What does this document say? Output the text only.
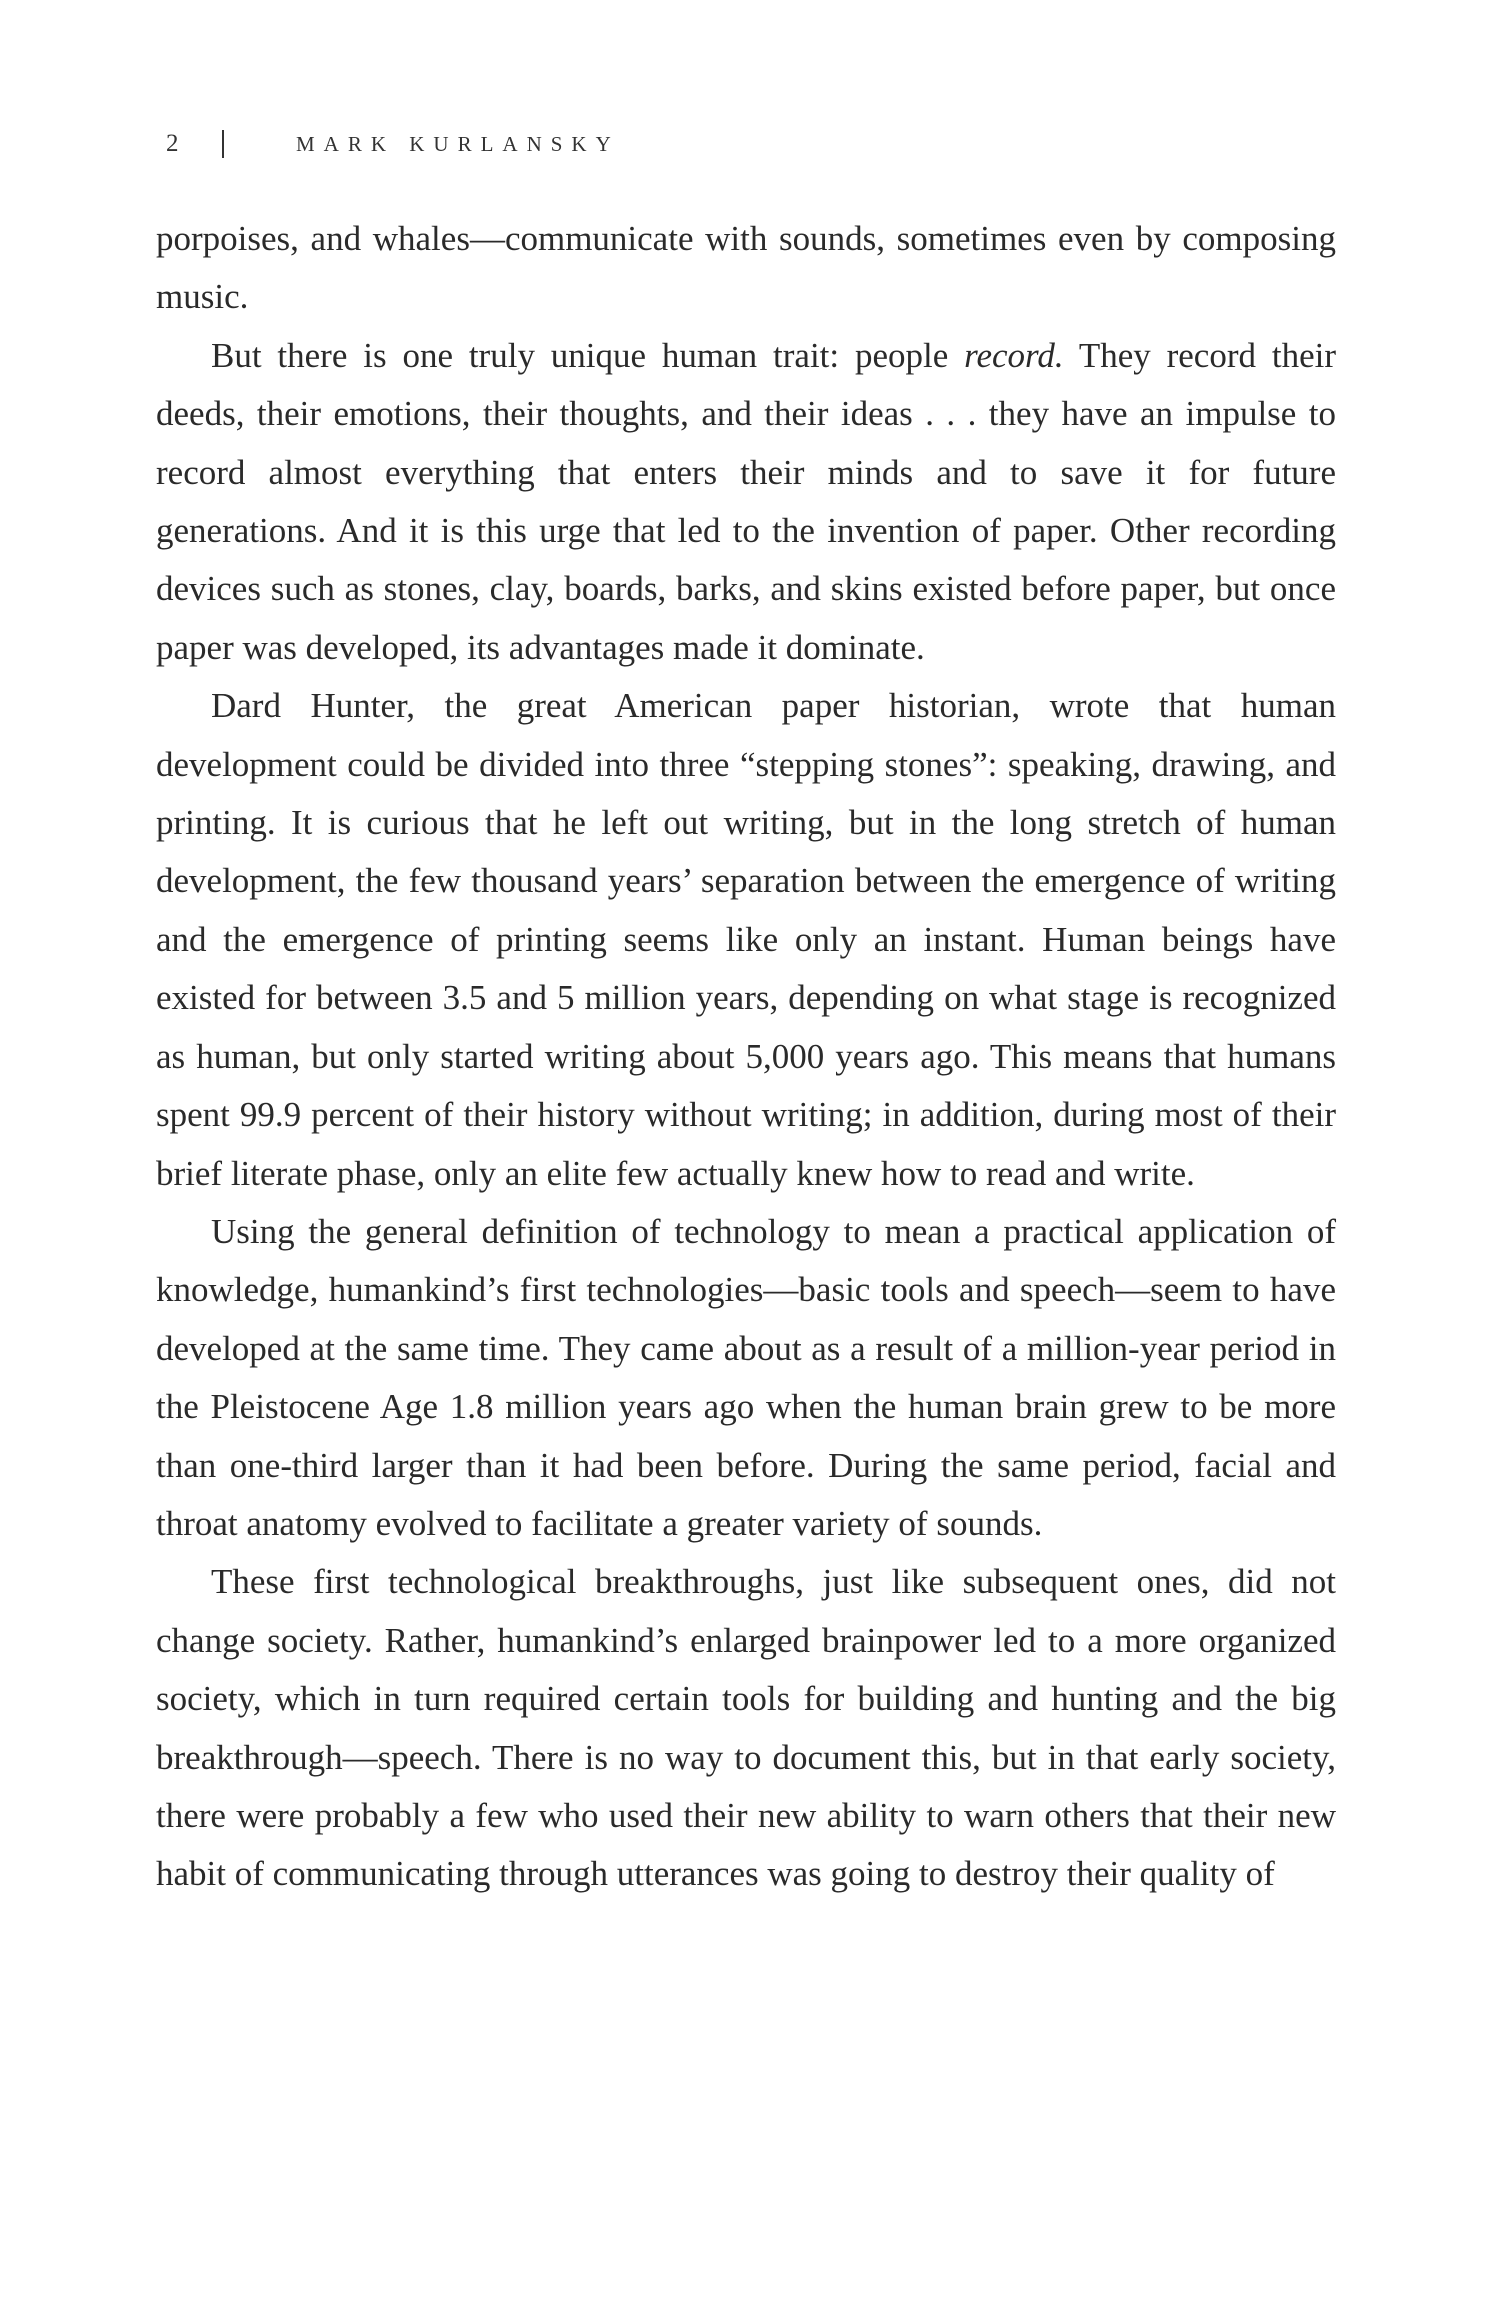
2	MARK KURLANSKY

porpoises, and whales—communicate with sounds, sometimes even by composing music.

But there is one truly unique human trait: people record. They record their deeds, their emotions, their thoughts, and their ideas . . . they have an impulse to record almost everything that enters their minds and to save it for future generations. And it is this urge that led to the invention of paper. Other recording devices such as stones, clay, boards, barks, and skins existed before paper, but once paper was developed, its advantages made it dominate.

Dard Hunter, the great American paper historian, wrote that human development could be divided into three “stepping stones”: speaking, drawing, and printing. It is curious that he left out writing, but in the long stretch of human development, the few thousand years’ separation between the emergence of writing and the emergence of printing seems like only an instant. Human beings have existed for between 3.5 and 5 million years, depending on what stage is recognized as human, but only started writing about 5,000 years ago. This means that humans spent 99.9 percent of their history without writing; in addition, during most of their brief literate phase, only an elite few actually knew how to read and write.

Using the general definition of technology to mean a practical application of knowledge, humankind’s first technologies—basic tools and speech—seem to have developed at the same time. They came about as a result of a million-year period in the Pleistocene Age 1.8 million years ago when the human brain grew to be more than one-third larger than it had been before. During the same period, facial and throat anatomy evolved to facilitate a greater variety of sounds.

These first technological breakthroughs, just like subsequent ones, did not change society. Rather, humankind’s enlarged brainpower led to a more organized society, which in turn required certain tools for building and hunting and the big breakthrough—speech. There is no way to document this, but in that early society, there were probably a few who used their new ability to warn others that their new habit of communicating through utterances was going to destroy their quality of
